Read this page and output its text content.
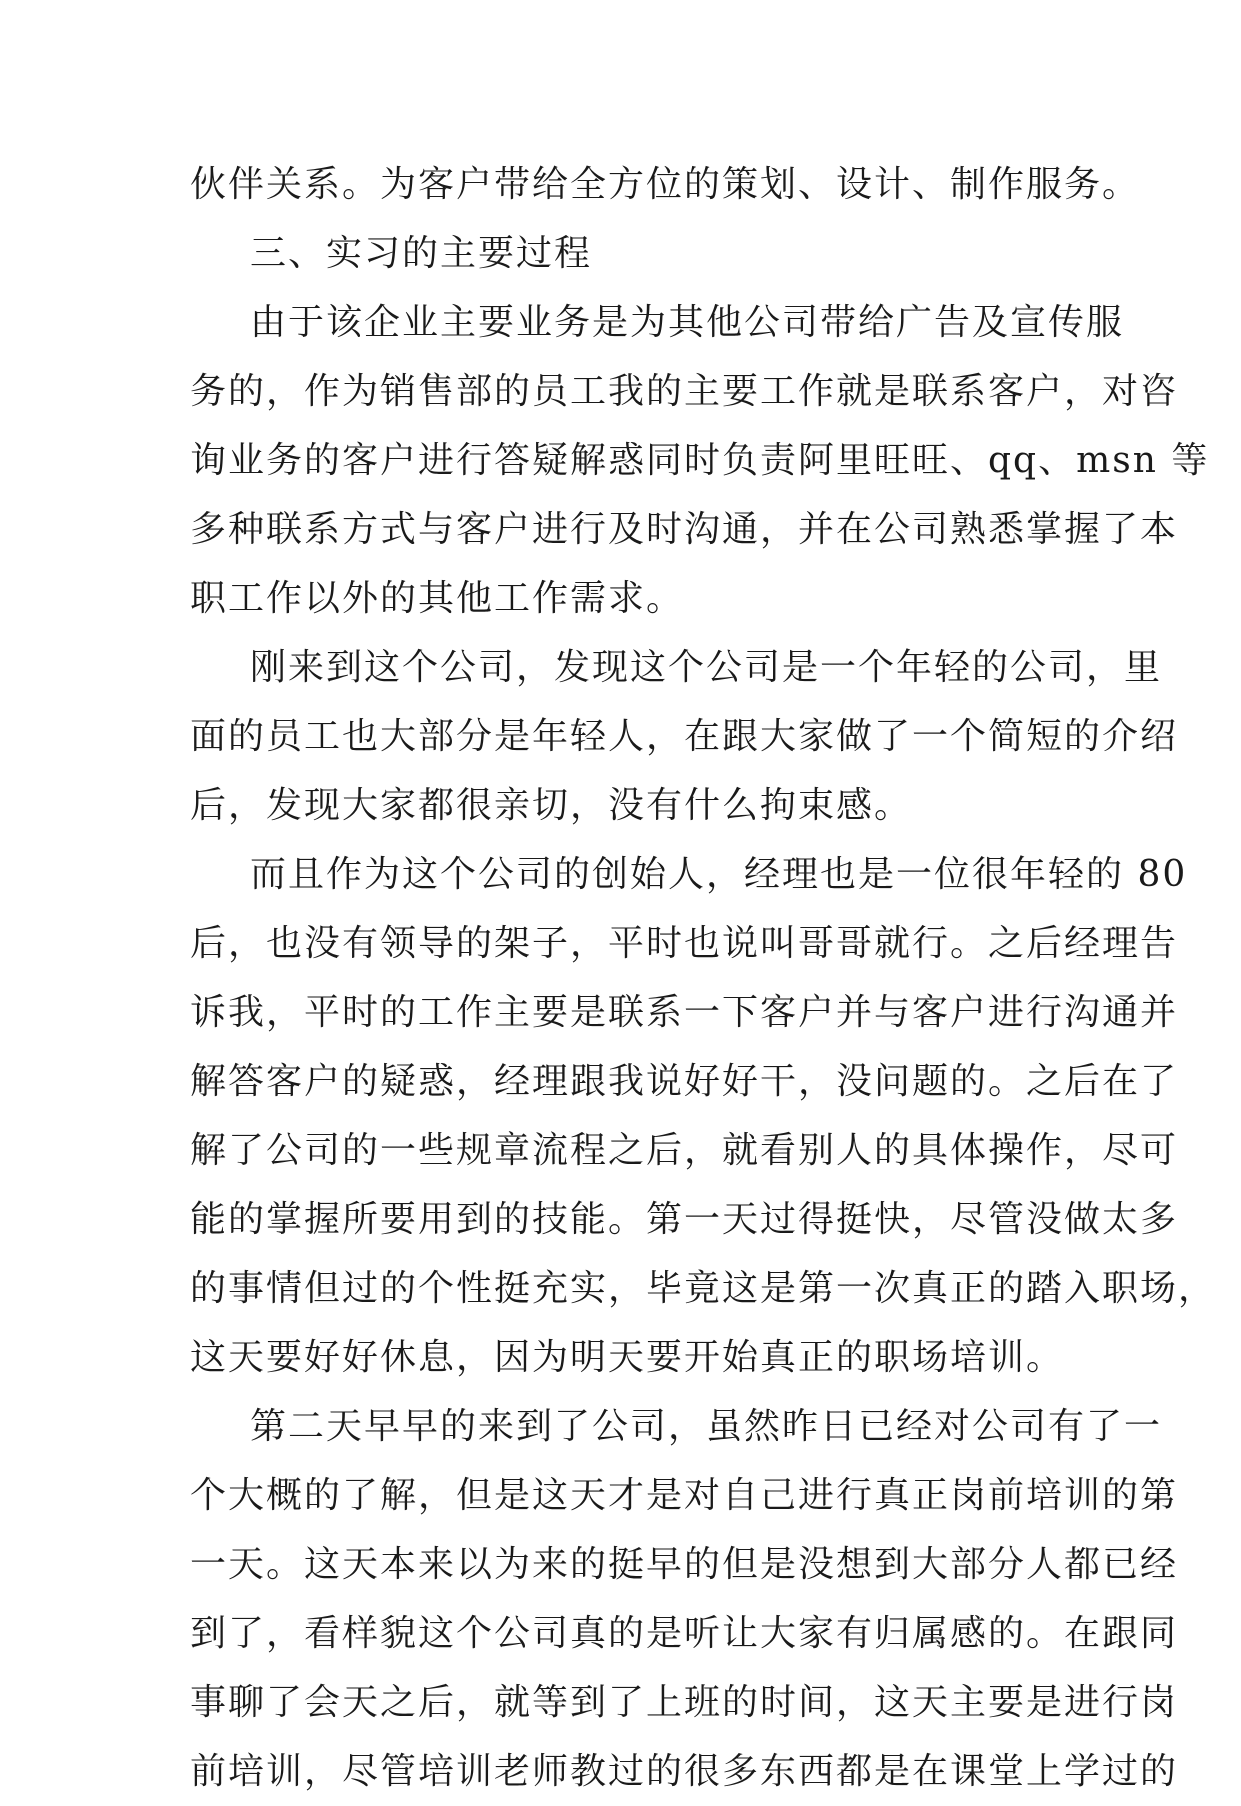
伙伴关系。为客户带给全方位的策划、设计、制作服务。
三、实习的主要过程
由于该企业主要业务是为其他公司带给广告及宣传服
务的，作为销售部的员工我的主要工作就是联系客户，对咨
询业务的客户进行答疑解惑同时负责阿里旺旺、qq、msn 等
多种联系方式与客户进行及时沟通，并在公司熟悉掌握了本
职工作以外的其他工作需求。
刚来到这个公司，发现这个公司是一个年轻的公司，里
面的员工也大部分是年轻人，在跟大家做了一个简短的介绍
后，发现大家都很亲切，没有什么拘束感。
而且作为这个公司的创始人，经理也是一位很年轻的 80
后，也没有领导的架子，平时也说叫哥哥就行。之后经理告
诉我，平时的工作主要是联系一下客户并与客户进行沟通并
解答客户的疑惑，经理跟我说好好干，没问题的。之后在了
解了公司的一些规章流程之后，就看别人的具体操作，尽可
能的掌握所要用到的技能。第一天过得挺快，尽管没做太多
的事情但过的个性挺充实，毕竟这是第一次真正的踏入职场，
这天要好好休息，因为明天要开始真正的职场培训。
第二天早早的来到了公司，虽然昨日已经对公司有了一
个大概的了解，但是这天才是对自己进行真正岗前培训的第
一天。这天本来以为来的挺早的但是没想到大部分人都已经
到了，看样貌这个公司真的是听让大家有归属感的。在跟同
事聊了会天之后，就等到了上班的时间，这天主要是进行岗
前培训，尽管培训老师教过的很多东西都是在课堂上学过的
